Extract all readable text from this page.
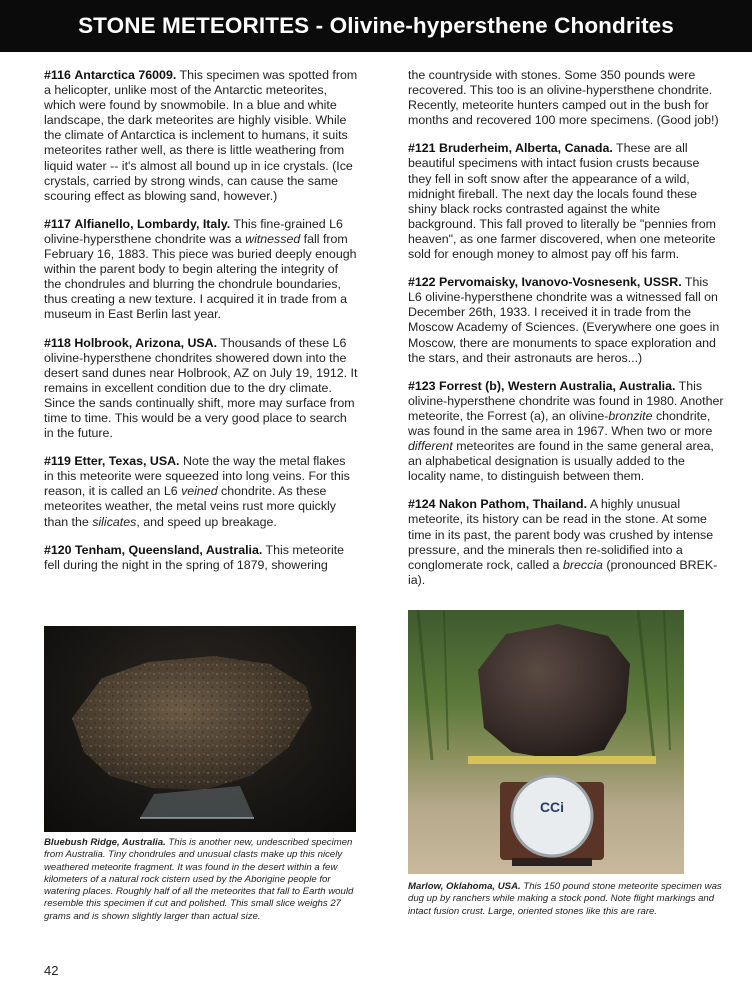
STONE METEORITES - Olivine-hypersthene Chondrites

#116 Antarctica 76009. This specimen was spotted from a helicopter, unlike most of the Antarctic meteorites, which were found by snowmobile. In a blue and white landscape, the dark meteorites are highly visible. While the climate of Antarctica is inclement to humans, it suits meteorites rather well, as there is little weathering from liquid water -- it's almost all bound up in ice crystals. (Ice crystals, carried by strong winds, can cause the same scouring effect as blowing sand, however.)

#117 Alfianello, Lombardy, Italy. This fine-grained L6 olivine-hypersthene chondrite was a witnessed fall from February 16, 1883. This piece was buried deeply enough within the parent body to begin altering the integrity of the chondrules and blurring the chondrule boundaries, thus creating a new texture. I acquired it in trade from a museum in East Berlin last year.

#118 Holbrook, Arizona, USA. Thousands of these L6 olivine-hypersthene chondrites showered down into the desert sand dunes near Holbrook, AZ on July 19, 1912. It remains in excellent condition due to the dry climate. Since the sands continually shift, more may surface from time to time. This would be a very good place to search in the future.

#119 Etter, Texas, USA. Note the way the metal flakes in this meteorite were squeezed into long veins. For this reason, it is called an L6 veined chondrite. As these meteorites weather, the metal veins rust more quickly than the silicates, and speed up breakage.

#120 Tenham, Queensland, Australia. This meteorite fell during the night in the spring of 1879, showering

the countryside with stones. Some 350 pounds were recovered. This too is an olivine-hypersthene chondrite. Recently, meteorite hunters camped out in the bush for months and recovered 100 more specimens. (Good job!)

#121 Bruderheim, Alberta, Canada. These are all beautiful specimens with intact fusion crusts because they fell in soft snow after the appearance of a wild, midnight fireball. The next day the locals found these shiny black rocks contrasted against the white background. This fall proved to literally be "pennies from heaven", as one farmer discovered, when one meteorite sold for enough money to almost pay off his farm.

#122 Pervomaisky, Ivanovo-Vosnesenk, USSR. This L6 olivine-hypersthene chondrite was a witnessed fall on December 26th, 1933. I received it in trade from the Moscow Academy of Sciences. (Everywhere one goes in Moscow, there are monuments to space exploration and the stars, and their astronauts are heros...)

#123 Forrest (b), Western Australia, Australia. This olivine-hypersthene chondrite was found in 1980. Another meteorite, the Forrest (a), an olivine-bronzite chondrite, was found in the same area in 1967. When two or more different meteorites are found in the same general area, an alphabetical designation is usually added to the locality name, to distinguish between them.

#124 Nakon Pathom, Thailand. A highly unusual meteorite, its history can be read in the stone. At some time in its past, the parent body was crushed by intense pressure, and the minerals then re-solidified into a conglomerate rock, called a breccia (pronounced BREK- ia).

CCi
Bluebush Ridge, Australia. This is another new, undescribed specimen from Australia. Tiny chondrules and unusual clasts make up this nicely weathered meteorite fragment. It was found in the desert within a few kilometers of a natural rock cistern used by the Aborigine people for watering places. Roughly half of all the meteorites that fall to Earth would resemble this specimen if cut and polished. This small slice weighs 27 grams and is shown slightly larger than actual size.
Marlow, Oklahoma, USA. This 150 pound stone meteorite specimen was dug up by ranchers while making a stock pond. Note flight markings and intact fusion crust. Large, oriented stones like this are rare.
42
